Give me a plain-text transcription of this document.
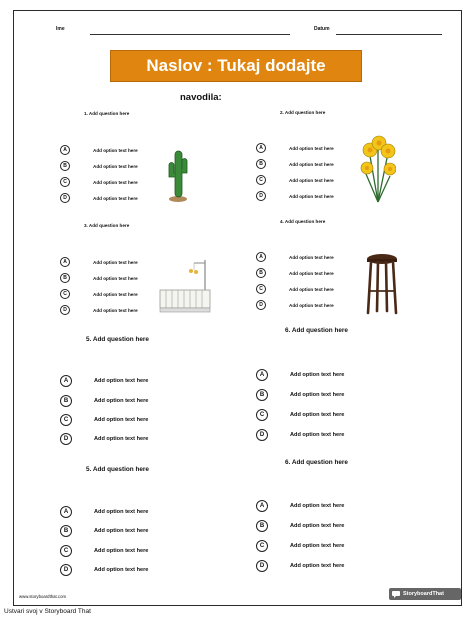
Ime	Datum
Naslov : Tukaj dodajte
navodila:
1. Add question here
A	Add option text here
B	Add option text here
C	Add option text here
D	Add option text here
2. Add question here
A	Add option text here
B	Add option text here
C	Add option text here
D	Add option text here
3. Add question here
A	Add option text here
B	Add option text here
C	Add option text here
D	Add option text here
4. Add question here
A	Add option text here
B	Add option text here
C	Add option text here
D	Add option text here
5. Add question here
A	Add option text here
B	Add option text here
C	Add option text here
D	Add option text here
6. Add question here
A	Add option text here
B	Add option text here
C	Add option text here
D	Add option text here
5. Add question here
A	Add option text here
B	Add option text here
C	Add option text here
D	Add option text here
6. Add question here
A	Add option text here
B	Add option text here
C	Add option text here
D	Add option text here
www.storyboardthat.com	StoryboardThat
Ustvari svoj v Storyboard That
